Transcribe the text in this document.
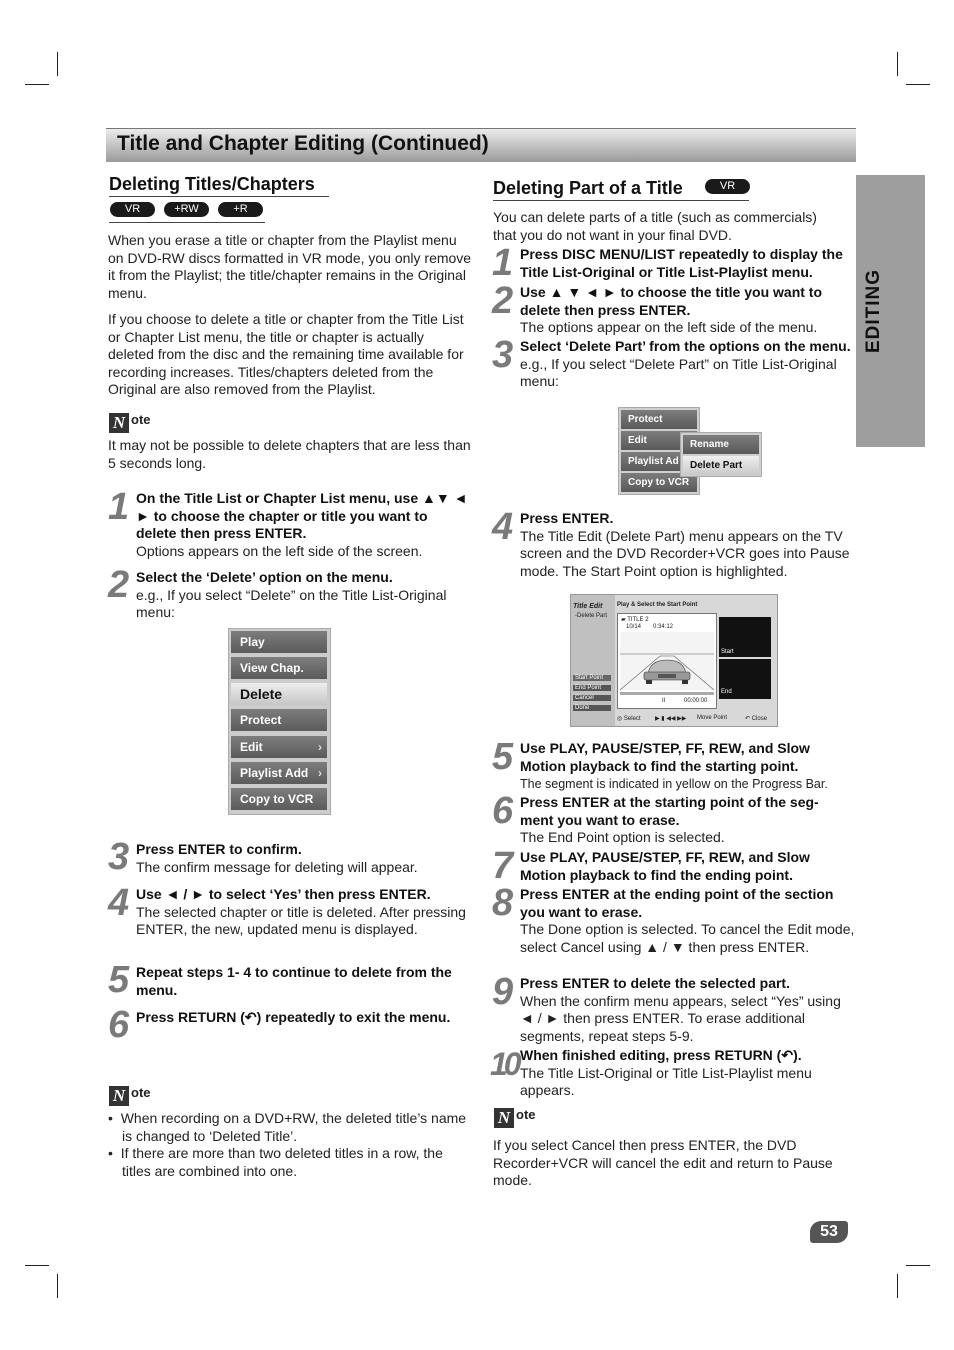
Title and Chapter Editing (Continued)
EDITING
Deleting Titles/Chapters
VR	+RW	+R
When you erase a title or chapter from the Playlist menu on DVD-RW discs formatted in VR mode, you only remove it from the Playlist; the title/chapter remains in the Original menu.
If you choose to delete a title or chapter from the Title List or Chapter List menu, the title or chapter is actually deleted from the disc and the remaining time available for recording increases. Titles/chapters deleted from the Original are also removed from the Playlist.
N ote
It may not be possible to delete chapters that are less than 5 seconds long.
1 On the Title List or Chapter List menu, use ▲▼ ◄ ► to choose the chapter or title you want to delete then press ENTER.
Options appears on the left side of the screen.
2 Select the ‘Delete’ option on the menu.
e.g., If you select “Delete” on the Title List-Original menu:
Play
View Chap.
Delete
Protect
Edit	›
Playlist Add ›
Copy to VCR
3 Press ENTER to confirm.
The confirm message for deleting will appear.
4 Use ◄ / ► to select ‘Yes’ then press ENTER.
The selected chapter or title is deleted. After pressing ENTER, the new, updated menu is displayed.
5 Repeat steps 1- 4 to continue to delete from the menu.
6 Press RETURN (↶) repeatedly to exit the menu.
N ote
•  When recording on a DVD+RW, the deleted title’s name is changed to ‘Deleted Title’.
•  If there are more than two deleted titles in a row, the titles are combined into one.
Deleting Part of a Title	VR
You can delete parts of a title (such as commercials) that you do not want in your final DVD.
1 Press DISC MENU/LIST repeatedly to display the Title List-Original or Title List-Playlist menu.
2 Use ▲ ▼ ◄ ► to choose the title you want to delete then press ENTER.
The options appear on the left side of the menu.
3 Select ‘Delete Part’ from the options on the menu.
e.g., If you select “Delete Part” on Title List-Original menu:
Protect
Edit
Playlist Ad
Copy to VCR
Rename
Delete Part
4 Press ENTER.
The Title Edit (Delete Part) menu appears on the TV screen and the DVD Recorder+VCR goes into Pause mode. The Start Point option is highlighted.
Title Edit
-Delete Part
Start Point
End Point
Cancel
Done
Play & Select the Start Point
▰ TITLE 2
10/14 0:34:12
II	00:00:00
Start
End
◎ Select ▶ ▮ ◀◀ ▶▶ Move Point	↶ Close
5 Use PLAY, PAUSE/STEP, FF, REW, and Slow Motion playback to find the starting point.
The segment is indicated in yellow on the Progress Bar.
6 Press ENTER at the starting point of the seg- ment you want to erase.
The End Point option is selected.
7 Use PLAY, PAUSE/STEP, FF, REW, and Slow Motion playback to find the ending point.
8 Press ENTER at the ending point of the section you want to erase.
The Done option is selected. To cancel the Edit mode, select Cancel using ▲ / ▼ then press ENTER.
9 Press ENTER to delete the selected part.
When the confirm menu appears, select “Yes” using ◄ / ► then press ENTER. To erase additional segments, repeat steps 5-9.
10 When finished editing, press RETURN (↶).
The Title List-Original or Title List-Playlist menu appears.
N ote
If you select Cancel then press ENTER, the DVD Recorder+VCR will cancel the edit and return to Pause mode.
53
